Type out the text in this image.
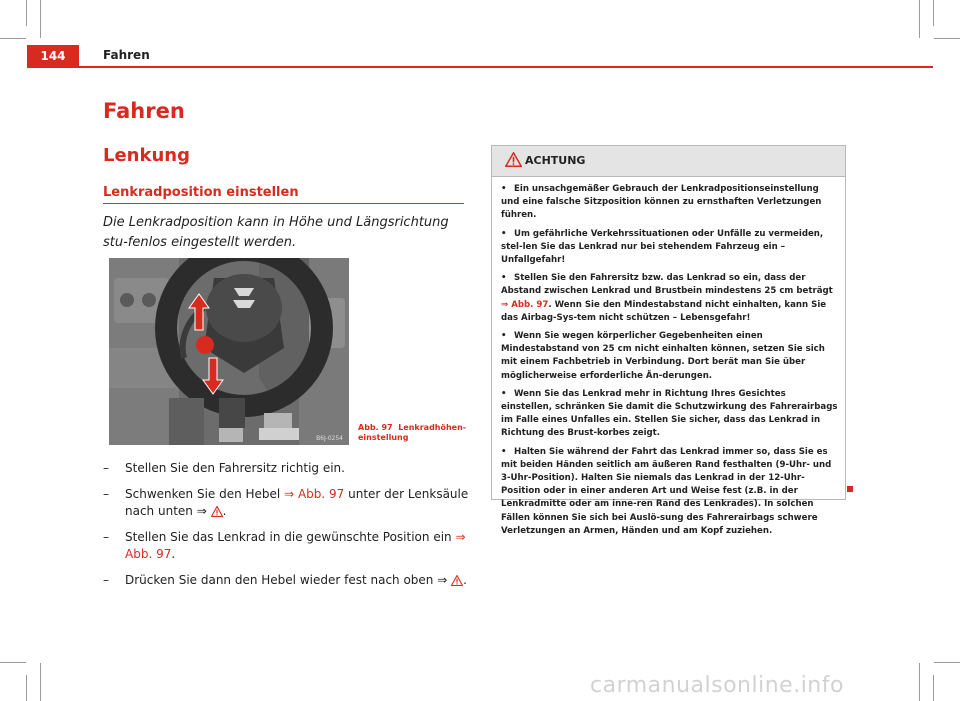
144	Fahren
Fahren
Lenkung
Lenkradposition einstellen
Die Lenkradposition kann in Höhe und Längsrichtung stu-fenlos eingestellt werden.
B6J-0254
Abb. 97 Lenkradhöhen-einstellung
– Stellen Sie den Fahrersitz richtig ein.
– Schwenken Sie den Hebel ⇒ Abb. 97 unter der Lenksäule nach unten ⇒ .
– Stellen Sie das Lenkrad in die gewünschte Position ein ⇒ Abb. 97.
– Drücken Sie dann den Hebel wieder fest nach oben ⇒ .
ACHTUNG
• Ein unsachgemäßer Gebrauch der Lenkradpositionseinstellung und eine falsche Sitzposition können zu ernsthaften Verletzungen führen.
• Um gefährliche Verkehrssituationen oder Unfälle zu vermeiden, stel-len Sie das Lenkrad nur bei stehendem Fahrzeug ein – Unfallgefahr!
• Stellen Sie den Fahrersitz bzw. das Lenkrad so ein, dass der Abstand zwischen Lenkrad und Brustbein mindestens 25 cm beträgt ⇒ Abb. 97. Wenn Sie den Mindestabstand nicht einhalten, kann Sie das Airbag-Sys-tem nicht schützen – Lebensgefahr!
• Wenn Sie wegen körperlicher Gegebenheiten einen Mindestabstand von 25 cm nicht einhalten können, setzen Sie sich mit einem Fachbetrieb in Verbindung. Dort berät man Sie über möglicherweise erforderliche Än-derungen.
• Wenn Sie das Lenkrad mehr in Richtung Ihres Gesichtes einstellen, schränken Sie damit die Schutzwirkung des Fahrerairbags im Falle eines Unfalles ein. Stellen Sie sicher, dass das Lenkrad in Richtung des Brust-korbes zeigt.
• Halten Sie während der Fahrt das Lenkrad immer so, dass Sie es mit beiden Händen seitlich am äußeren Rand festhalten (9-Uhr- und 3-Uhr-Position). Halten Sie niemals das Lenkrad in der 12-Uhr-Position oder in einer anderen Art und Weise fest (z.B. in der Lenkradmitte oder am inne-ren Rand des Lenkrades). In solchen Fällen können Sie sich bei Auslö-sung des Fahrerairbags schwere Verletzungen an Armen, Händen und am Kopf zuziehen.
carmanualsonline.info
